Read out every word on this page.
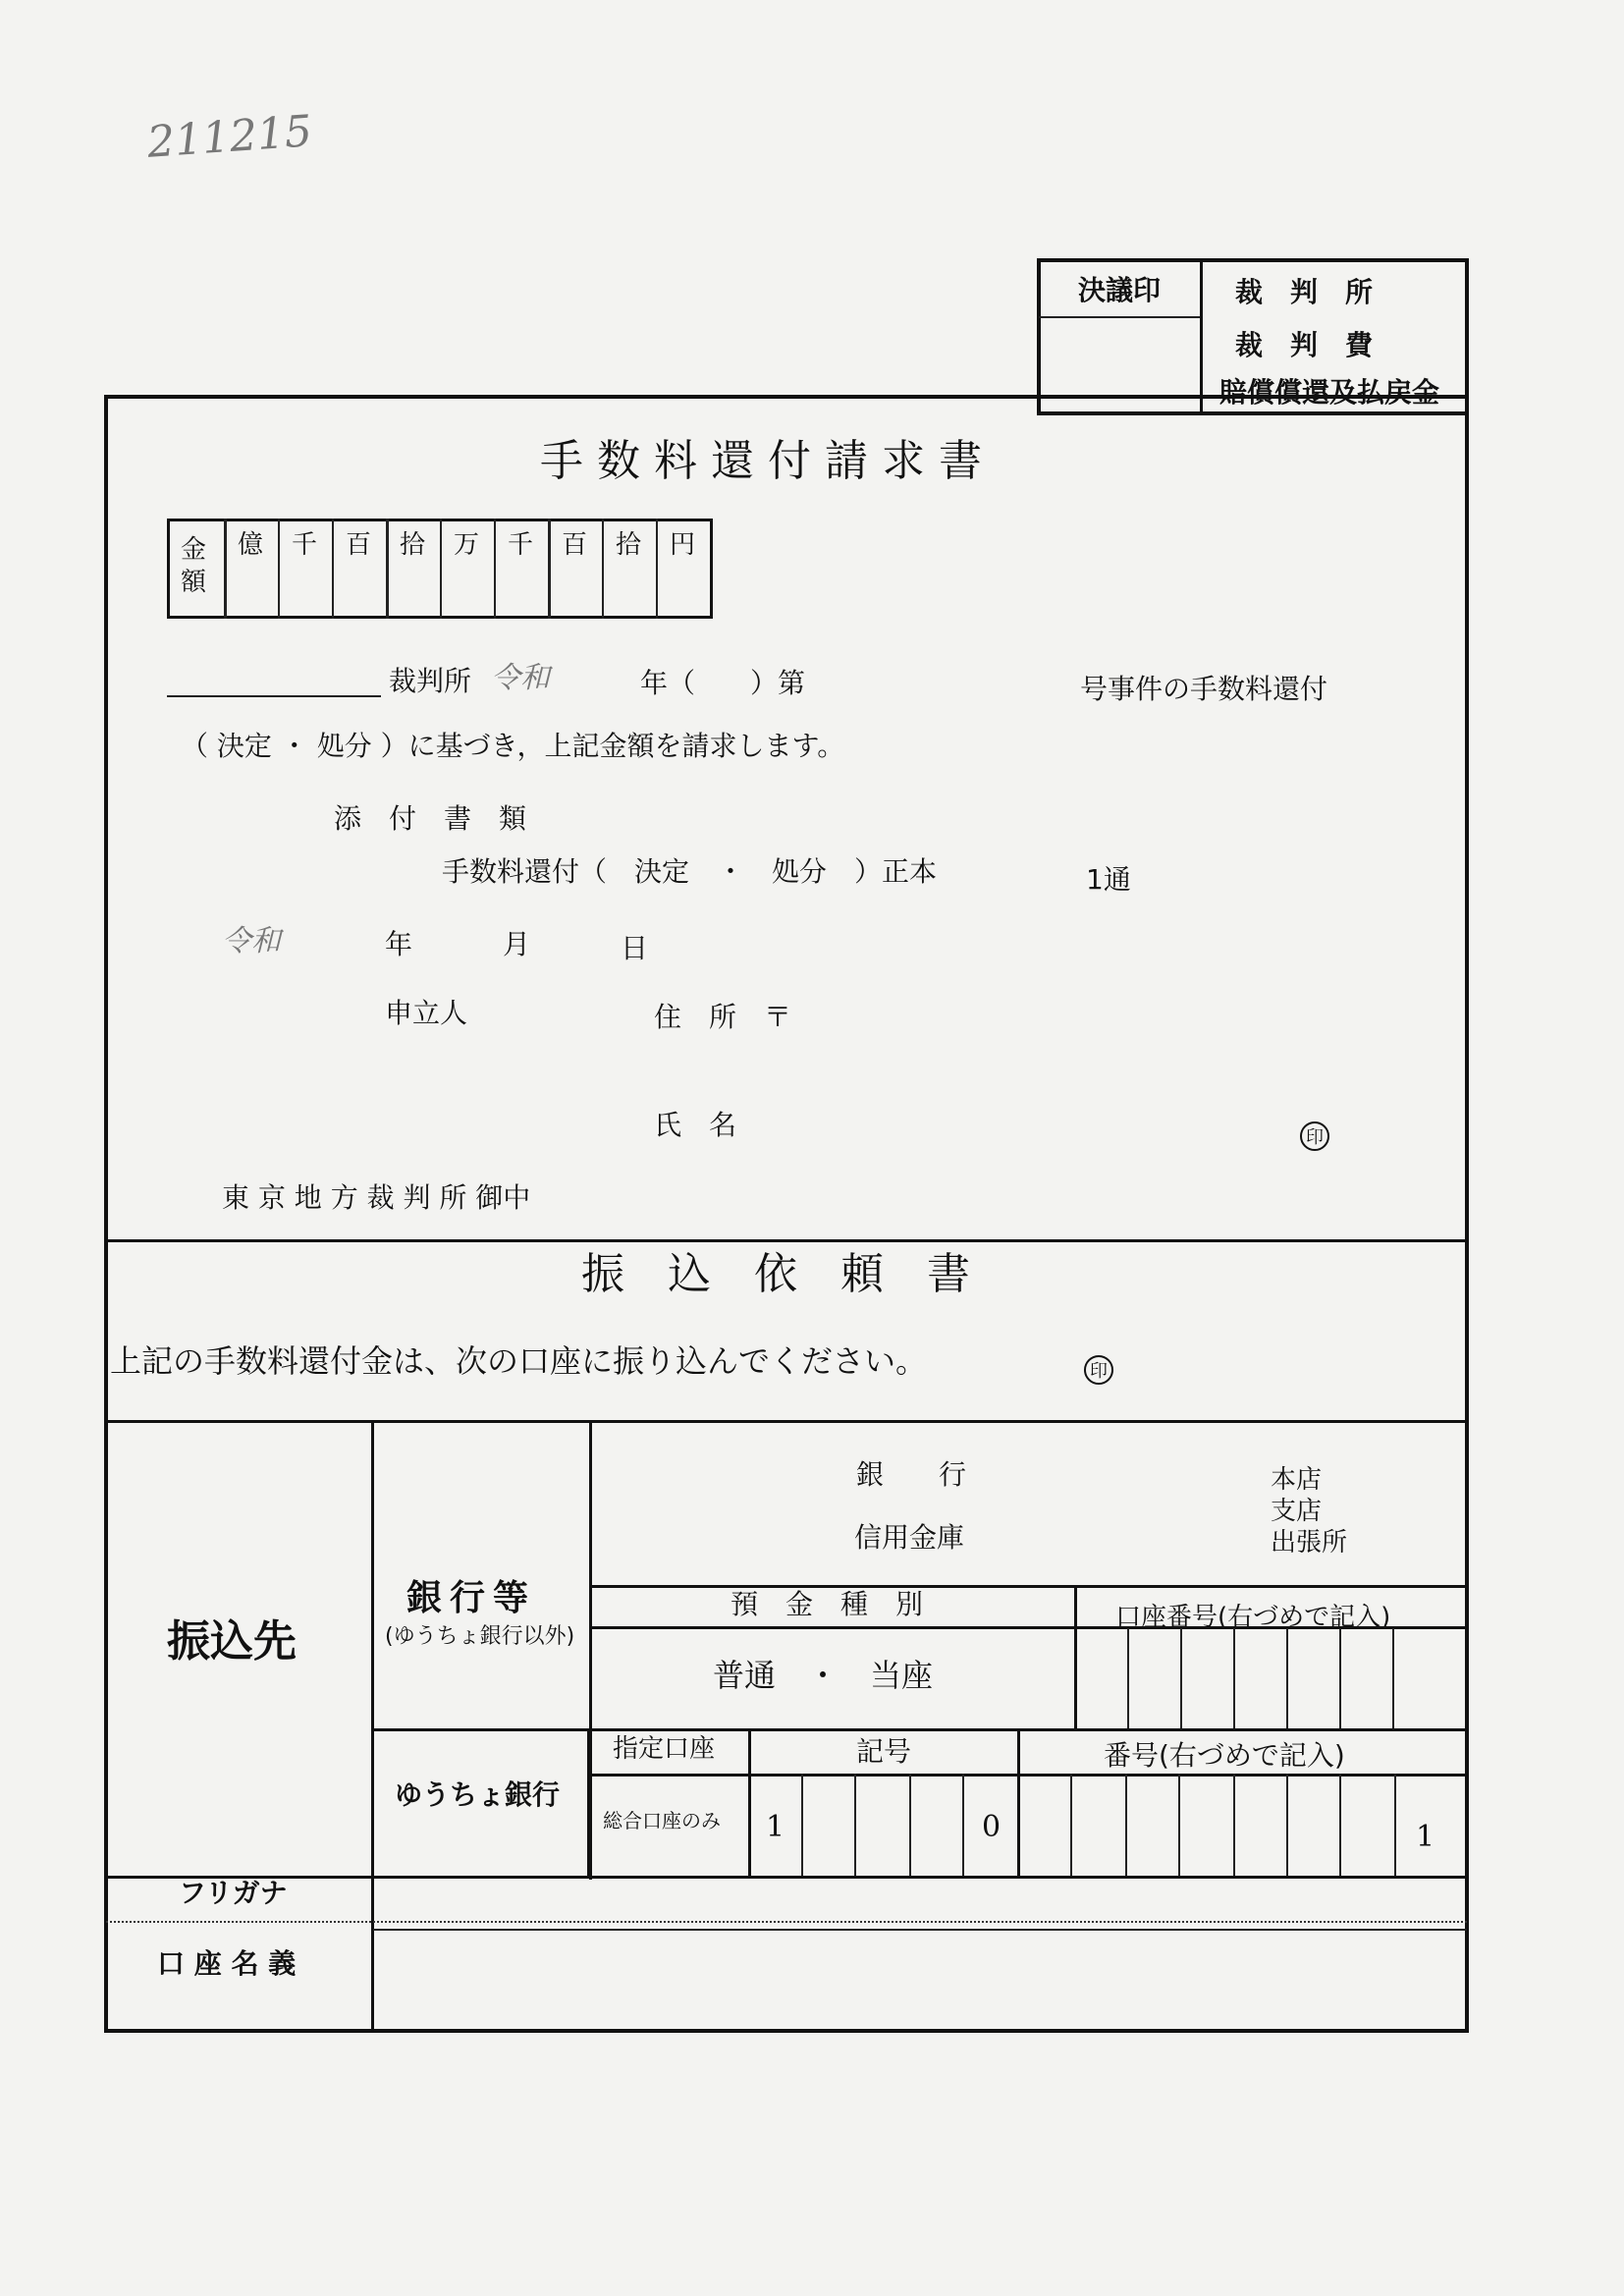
211215
決議印	裁　判　所
裁　判　費
賠償償還及払戻金
手数料還付請求書
金額
億	千	百	拾	万	千	百	拾	円
裁判所 令和	年（　　）第	号事件の手数料還付
（ 決定 ・ 処分 ）に基づき，上記金額を請求します。
添　付　書　類
手数料還付（　決定　・　処分　）正本	1通
令和	年	月	日
申立人	住　所　〒
氏　名	印
東 京 地 方 裁 判 所 御中
振　込　依　頼　書
上記の手数料還付金は、次の口座に振り込んでください。	印
振込先
銀行等
(ゆうちょ銀行以外)
銀　　行
信用金庫
本店
支店
出張所
預　金　種　別	口座番号(右づめで記入)
普通　・　当座
ゆうちょ銀行
指定口座	記号	番号(右づめで記入)
総合口座のみ 1	0	1
フリガナ
口 座 名 義
